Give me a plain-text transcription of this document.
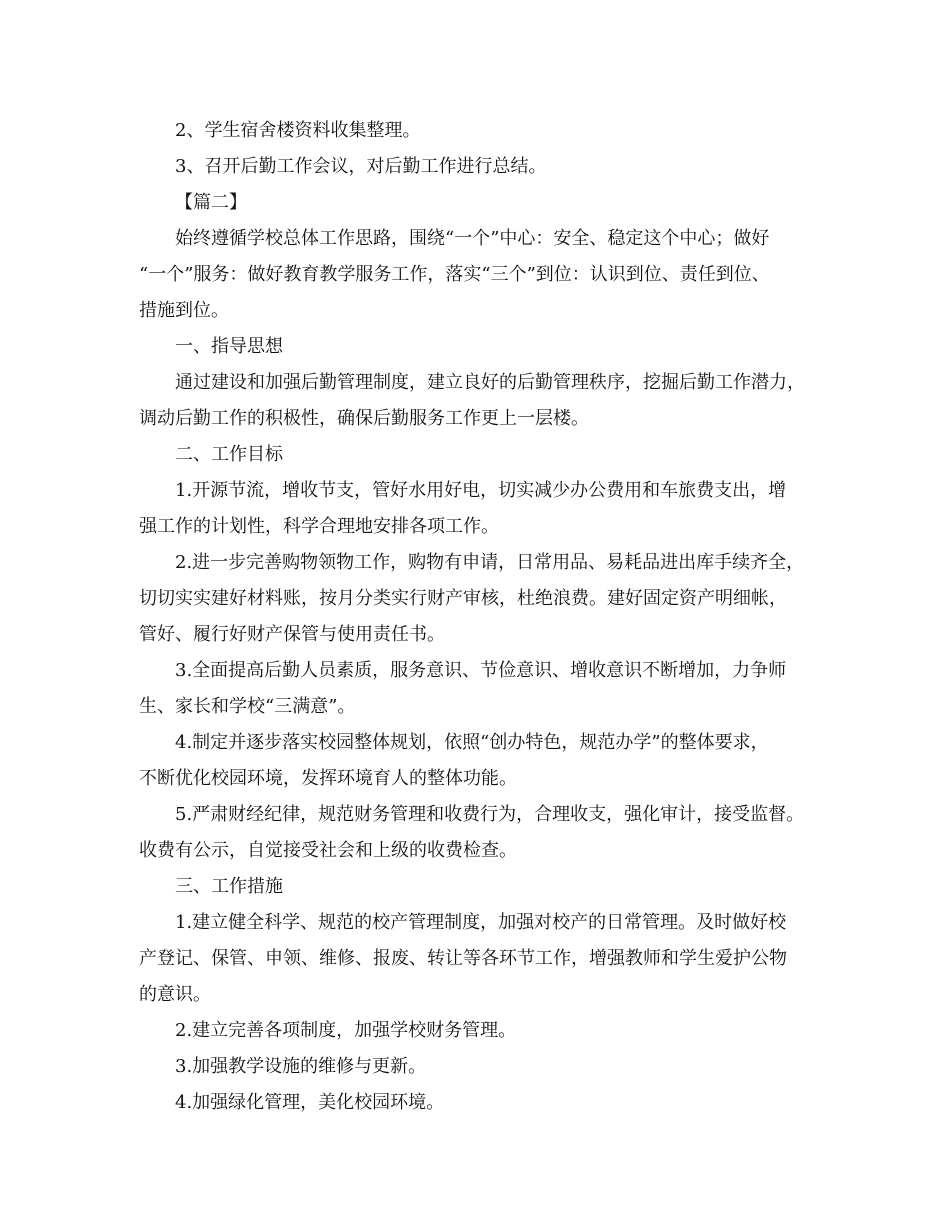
2、学生宿舍楼资料收集整理。
3、召开后勤工作会议，对后勤工作进行总结。
【篇二】
始终遵循学校总体工作思路，围绕“一个”中心：安全、稳定这个中心；做好
“一个”服务：做好教育教学服务工作，落实“三个”到位：认识到位、责任到位、
措施到位。
一、指导思想
通过建设和加强后勤管理制度，建立良好的后勤管理秩序，挖掘后勤工作潜力，
调动后勤工作的积极性，确保后勤服务工作更上一层楼。
二、工作目标
1.开源节流，增收节支，管好水用好电，切实减少办公费用和车旅费支出，增
强工作的计划性，科学合理地安排各项工作。
2.进一步完善购物领物工作，购物有申请，日常用品、易耗品进出库手续齐全，
切切实实建好材料账，按月分类实行财产审核，杜绝浪费。建好固定资产明细帐，
管好、履行好财产保管与使用责任书。
3.全面提高后勤人员素质，服务意识、节俭意识、增收意识不断增加，力争师
生、家长和学校“三满意”。
4.制定并逐步落实校园整体规划，依照“创办特色，规范办学”的整体要求，
不断优化校园环境，发挥环境育人的整体功能。
5.严肃财经纪律，规范财务管理和收费行为，合理收支，强化审计，接受监督。
收费有公示，自觉接受社会和上级的收费检查。
三、工作措施
1.建立健全科学、规范的校产管理制度，加强对校产的日常管理。及时做好校
产登记、保管、申领、维修、报废、转让等各环节工作，增强教师和学生爱护公物
的意识。
2.建立完善各项制度，加强学校财务管理。
3.加强教学设施的维修与更新。
4.加强绿化管理，美化校园环境。
